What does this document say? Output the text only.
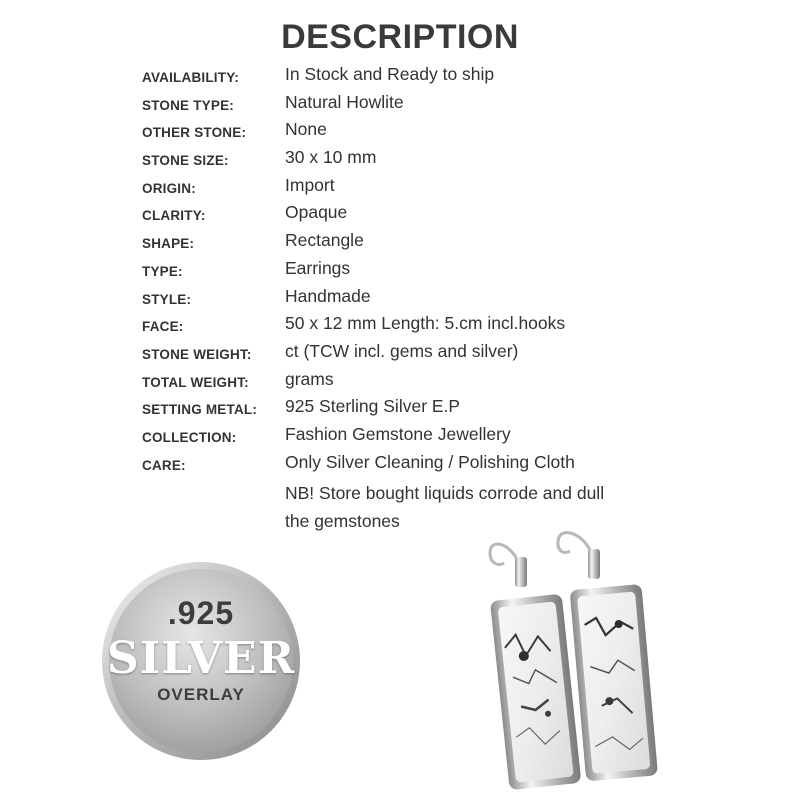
DESCRIPTION
AVAILABILITY:	In Stock and Ready to ship
STONE TYPE:	Natural Howlite
OTHER STONE: None
STONE SIZE:	30 x 10 mm
ORIGIN:	Import
CLARITY:	Opaque
SHAPE:	Rectangle
TYPE:	Earrings
STYLE:	Handmade
FACE:	50 x 12 mm Length: 5.cm incl.hooks
STONE WEIGHT: ct (TCW incl. gems and silver)
TOTAL WEIGHT: grams
SETTING METAL: 925 Sterling Silver E.P
COLLECTION:	Fashion Gemstone Jewellery
CARE:	Only Silver Cleaning / Polishing Cloth
NB! Store bought liquids corrode and dull
the gemstones
.925
SILVER
OVERLAY
